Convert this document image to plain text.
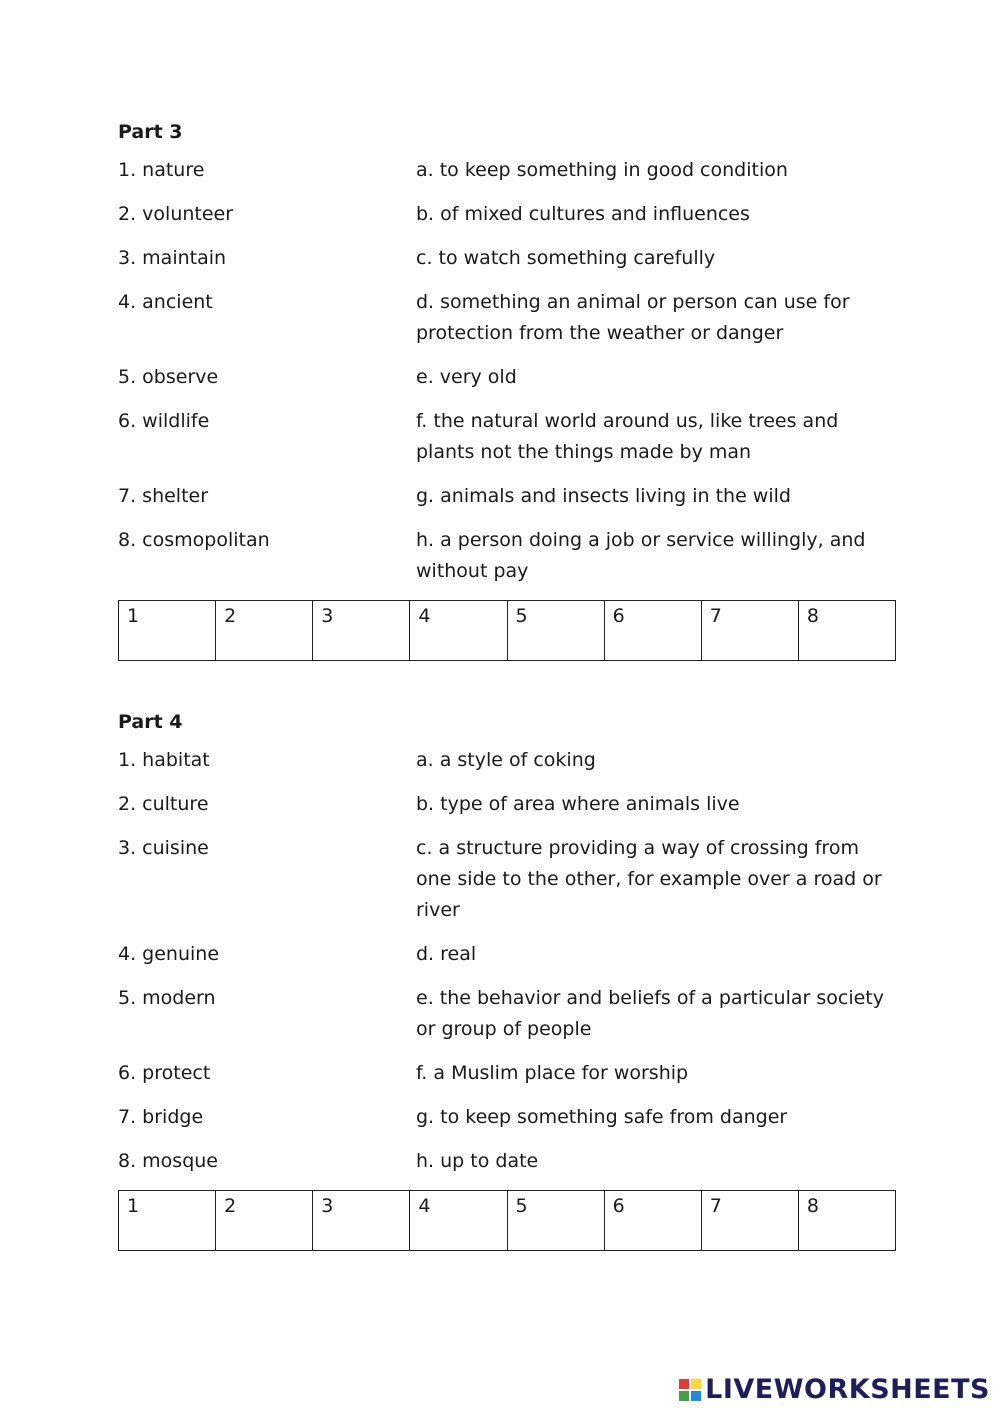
Part 3
1. nature	a. to keep something in good condition
2. volunteer	b. of mixed cultures and influences
3. maintain	c. to watch something carefully
4. ancient	d. something an animal or person can use for protection from the weather or danger
5. observe	e. very old
6. wildlife	f. the natural world around us, like trees and plants not the things made by man
7. shelter	g. animals and insects living in the wild
8. cosmopolitan	h. a person doing a job or service willingly, and without pay
1	2	3	4	5	6	7	8
Part 4
1. habitat	a. a style of coking
2. culture	b. type of area where animals live
3. cuisine	c. a structure providing a way of crossing from one side to the other, for example over a road or river
4. genuine	d. real
5. modern	e. the behavior and beliefs of a particular society or group of people
6. protect	f. a Muslim place for worship
7. bridge	g. to keep something safe from danger
8. mosque	h. up to date
1	2	3	4	5	6	7	8
LIVEWORKSHEETS
